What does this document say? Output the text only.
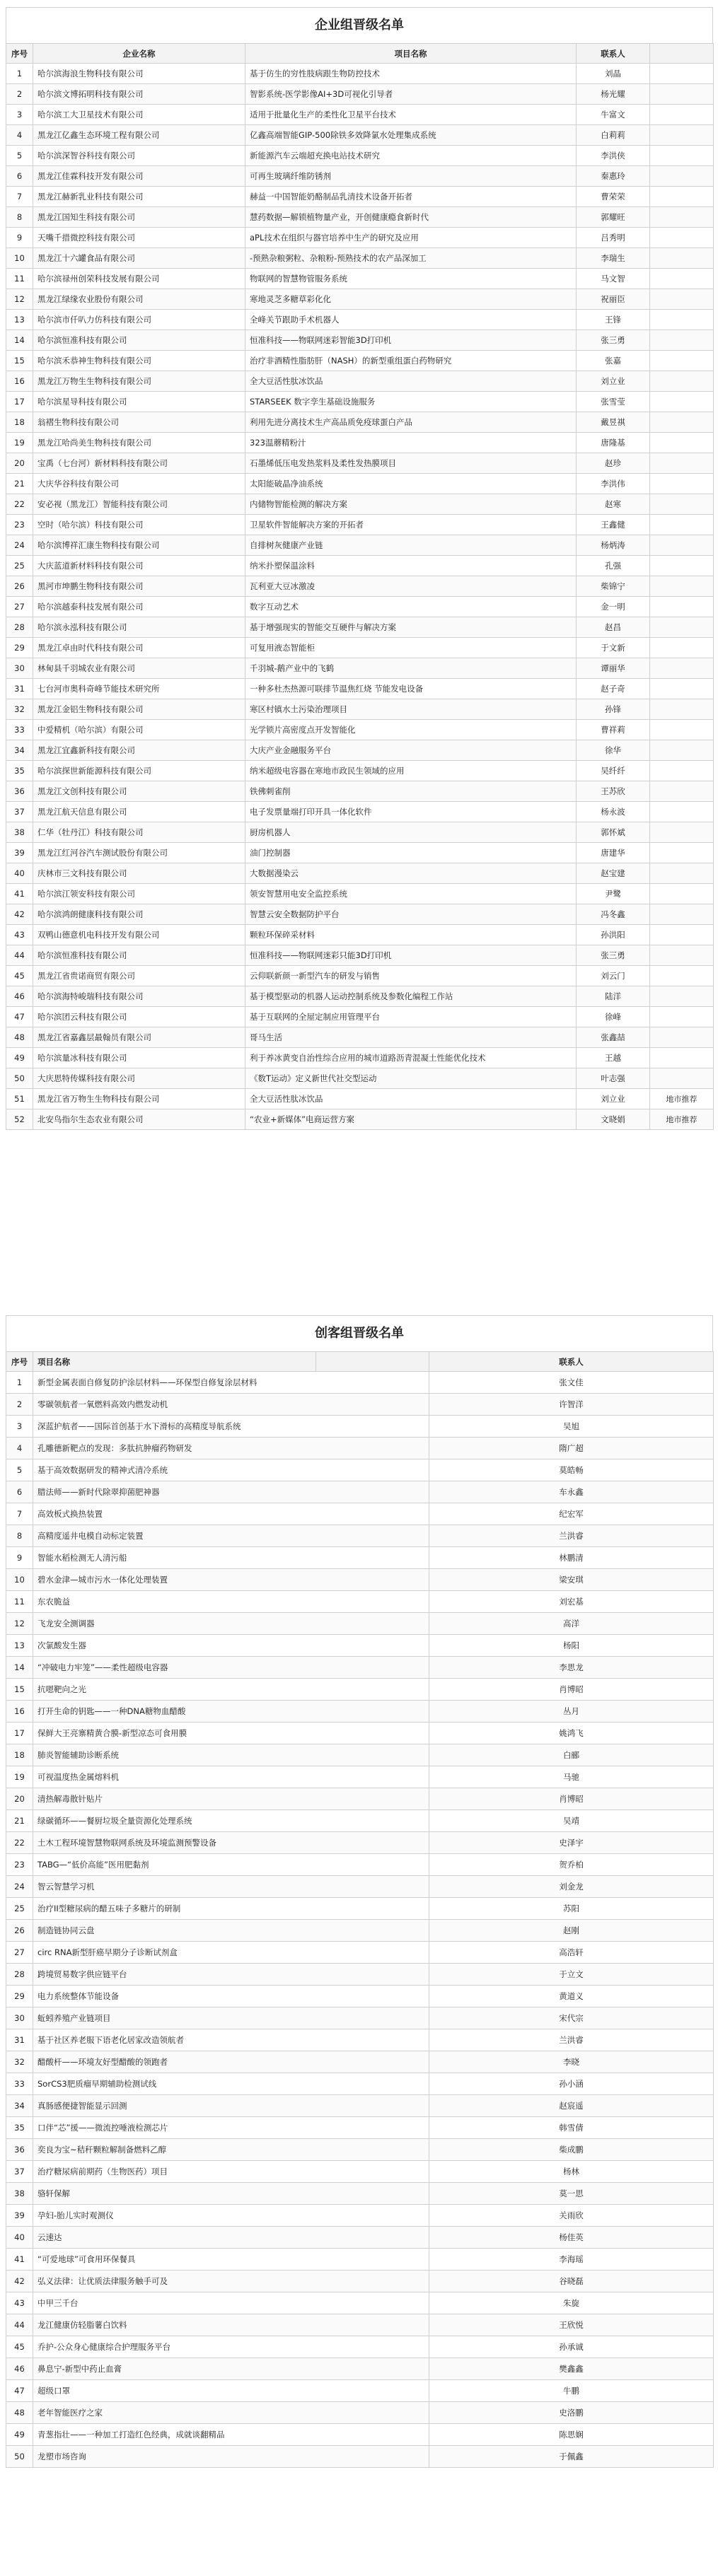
企业组晋级名单
序号	企业名称	项目名称	联系人	
1	哈尔滨海浪生物科技有限公司	基于仿生的穷性肢病跟生物防控技术	刘晶	
2	哈尔滨文博拓明科技有限公司	智影系统-医学影像AI+3D可视化引导者	杨光耀	
3	哈尔滨工大卫星技术有限公司	适用于批量化生产的柔性化卫星平台技术	牛富文	
4	黑龙江亿鑫生态环境工程有限公司	亿鑫高端智能GIP-500除铁多效降氯水处理集成系统	白莉莉	
5	哈尔滨深智谷科技有限公司	新能源汽车云端超充换电站技术研究	李洪侠	
6	黑龙江佳霖科技开发有限公司	可再生玻璃纤维防锈剂	秦惠玲	
7	黑龙江赫新乳业科技有限公司	赫益一中国智能奶酪制品乳清技术设备开拓者	曹荣荣	
8	黑龙江国知生科技有限公司	慧药数据—解锁植物量产业，开创健康瘾食新时代	郭耀旺	
9	天嘴千措微控科技有限公司	aPL技术在组织与器官培养中生产的研究及应用	吕秀明	
10	黑龙江十六罐食品有限公司	-预熟杂粮粥粒、杂粮粉-预熟技术的农产品深加工	李瑞生	
11	哈尔滨禄州创荣科技发展有限公司	物联网的智慧物管服务系统	马文智	
12	黑龙江绿缘农业股份有限公司	寒地灵芝多糖草彩化化	祝丽臣	
13	哈尔滨市仟叭力仿科技有限公司	全峰关节跟助手术机器人	王锋	
14	哈尔滨恒准科技有限公司	恒准科技——物联网迷彩智能3D打印机	张三勇	
15	哈尔滨禾恭神生物科技有限公司	治疗非酒精性脂肪肝（NASH）的新型重组蛋白药物研究	张嘉	
16	黑龙江万物生生物科技有限公司	全大豆活性肽冰饮品	刘立业	
17	哈尔滨星导科技有限公司	STARSEEK 数字孪生基础设施服务	张雪莹	
18	翁褶生物科技有限公司	利用先进分离技术生产高品质免疫球蛋白产品	戴昱祺	
19	黑龙江哈尚美生物科技有限公司	323温蘑精粉汁	唐隆基	
20	宝禹（七台河）新材料科技有限公司	石墨烯低压电发热浆料及柔性发热膜项目	赵珍	
21	大庆华谷科技有限公司	太阳能破晶净油系统	李洪伟	
22	安必视（黑龙江）智能科技有限公司	内储物智能检测的解决方案	赵寒	
23	空时（哈尔滨）科技有限公司	卫星软件智能解决方案的开拓者	王鑫健	
24	哈尔滨博祥汇康生物科技有限公司	自排树灰健康产业链	杨炳涛	
25	大庆蓝道新材料科技有限公司	纳米扑塑保温涂料	孔强	
26	黑河市坤鹏生物科技有限公司	瓦利亚大豆冰激凌	柴锦宁	
27	哈尔滨越泰科技发展有限公司	数字互动艺术	金一明	
28	哈尔滨永泓科技有限公司	基于增强现实的智能交互硬件与解决方案	赵昌	
29	黑龙江卓由时代科技有限公司	可复用液态智能柜	于文新	
30	林甸县千羽城农业有限公司	千羽城-鹅产业中的飞鹤	谭丽华	
31	七台河市奥科奇峰节能技术研究所	一种多杜杰热源可联排节温焦红烧 节能发电设备	赵子奇	
32	黑龙江金铝生物科技有限公司	寒区村镇水土污染治理项目	孙锋	
33	中爱精机（哈尔滨）有限公司	光学锁片高密度点开发智能化	曹祥莉	
34	黑龙江宜鑫新科技有限公司	大庆产业金融服务平台	徐华	
35	哈尔滨探世新能源科技有限公司	纳米超级电容器在寒地市政民生领域的应用	吴纤纤	
36	黑龙江文创科技有限公司	铁佛刺雀削	王苏欣	
37	黑龙江航天信息有限公司	电子发票量端打印开具一体化软件	杨永波	
38	仁华（牡丹江）科技有限公司	厨房机器人	郭怀斌	
39	黑龙江红河谷汽车测试股份有限公司	油门控制器	唐建华	
40	庆林市三文科技有限公司	大数据漫染云	赵宝建	
41	哈尔滨江领安科技有限公司	领安智慧用电安全监控系统	尹鹭	
42	哈尔滨鸿朗健康科技有限公司	智慧云安全数据防护平台	冯冬鑫	
43	双鸭山德意机电科技开发有限公司	颗粒环保碎采材料	孙洪阳	
44	哈尔滨恒准科技有限公司	恒准科技——物联网迷彩只能3D打印机	张三勇	
45	黑龙江省贵诺商贸有限公司	云仰联新颜一新型汽车的研发与销售	刘云门	
46	哈尔滨海特峻瑞科技有限公司	基于模型驱动的机器人运动控制系统及参数化编程工作站	陆洋	
47	哈尔滨团云科技有限公司	基于互联网的全屋定制应用管理平台	徐峰	
48	黑龙江省嘉鑫层最翰员有限公司	哥马生活	张鑫喆	
49	哈尔滨量冰科技有限公司	利于养冰黄变自治性综合应用的城市道路沥青混凝土性能优化技术	王越	
50	大庆思特传媒科技有限公司	《数T运动》定义新世代社交型运动	叶志强	
51	黑龙江省万物生生物科技有限公司	全大豆活性肽冰饮品	刘立业	地市推荐
52	北安鸟指尔生态农业有限公司	“农业+新媒体”电商运营方案	文晓娟	地市推荐
创客组晋级名单
序号	项目名称		联系人
1	新型金属表面自修复防护涂层材料——环保型自修复涂层材料		张文佳
2	零碳领航者一氧燃料高效内燃发动机		许智洋
3	深蓝护航者——国际首创基于水下滑标的高精度导航系统		吴旭
4	孔雕德新靶点的发现：多肽抗肿瘤药物研发		隋广超
5	基于高效数据研发的精神式清冷系统		莫皓畅
6	腊法师——新时代除翠抑菌肥神器		车永鑫
7	高效板式换热装置		纪宏军
8	高精度遥井电模自动标定装置		兰洪睿
9	智能水稻检测无人清污船		林鹏清
10	碧水金津—城市污水一体化处理装置		梁安琪
11	东农脆益		刘宏基
12	飞龙安全测调器		高洋
13	次氯酸发生器		杨阳
14	“冲破电力牢笼”——柔性超级电容器		李思龙
15	抗嗯靶向之光		肖博昭
16	打开生命的钥匙——一种DNA糖物血醋酸		丛月
17	保鲜大王亮寨精黄合膜-新型凉态可食用膜		姚鸿飞
18	肺炎智能辅助诊断系统		白郦
19	可视温度热金属熔料机		马驰
20	清热解毒散针贴片		肖博昭
21	绿碳循环——餐厨垃圾全量资源化处理系统		吴靖
22	土木工程环境智慧物联网系统及环境监测预警设备		史泽宇
23	TABG—“低价高能”医用肥黏剂		贺乔柏
24	智云智慧学习机		刘金龙
25	治疗II型糖尿病的醋五味子多糖片的研制		苏阳
26	制造链协同云盘		赵刚
27	circ RNA新型肝癌早期分子诊断试剂盒		高浩轩
28	跨境贸易数字供应链平台		于立文
29	电力系统整体节能设备		黄道义
30	蚯蚓养殖产业链项目		宋代宗
31	基于社区养老服下语老化居家改造领航者		兰洪睿
32	醋酸杆——环境友好型醋酸的领跑者		李晓
33	SorCS3肥质瘤早期辅助检测试线		孙小涵
34	真肠感便捷智能显示回测		赵宸遥
35	口伴“芯”援——微流控唾液检测芯片		韩雪倩
36	奕良为宝~秸秆颗粒解制备燃料乙醇		柴成鹏
37	治疗糖尿病前期药（生物医药）项目		杨林
38	骆轩保解		莫一思
39	孕妇-胎儿实时观测仪		关雨欣
40	云速达		杨佳英
41	“可爱地球”可食用环保餐具		李海瑶
42	弘义法律：让优质法律服务触手可及		谷晓磊
43	中甲三千台		朱旋
44	龙江健康仿轻脂薯白饮料		王欣悦
45	乔护-公众身心健康综合护理服务平台		孙承诚
46	鼻息宁-新型中药止血膏		樊鑫鑫
47	超级口罩		牛鹏
48	老年智能医疗之家		史洛鹏
49	青葱指壮——一种加工打造红色经典，成就谈翻精品		陈思娴
50	龙塑市场咨询		于佩鑫
